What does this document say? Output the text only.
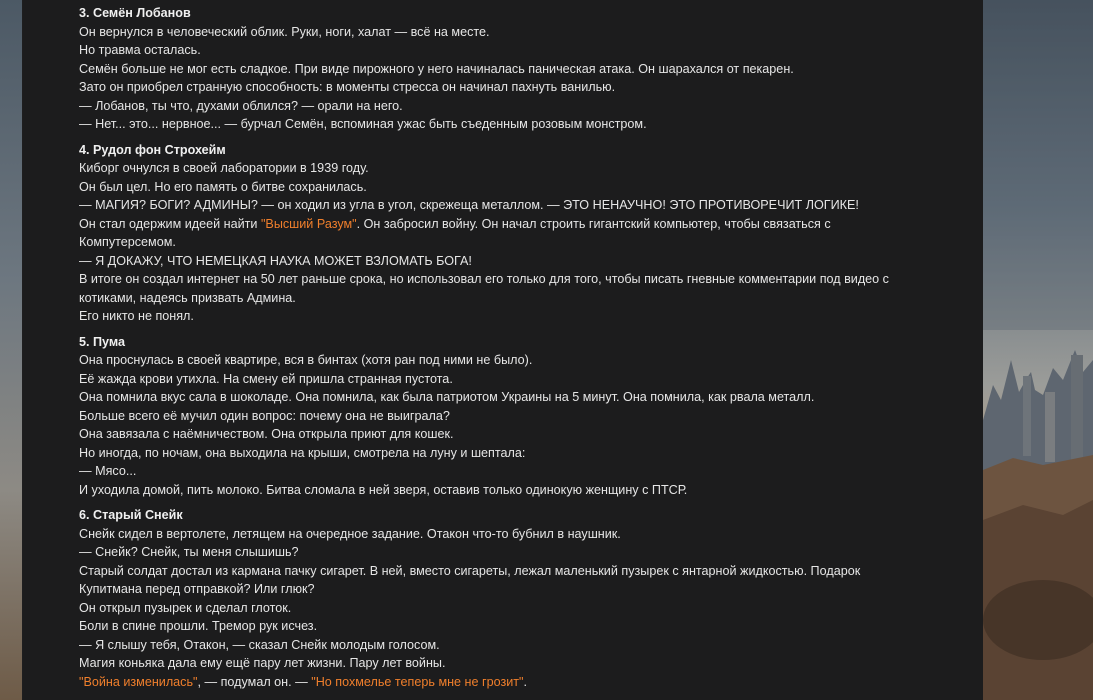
3. Семён Лобанов

Он вернулся в человеческий облик. Руки, ноги, халат — всё на месте.

Но травма осталась.

Семён больше не мог есть сладкое. При виде пирожного у него начиналась паническая атака. Он шарахался от пекарен.

Зато он приобрел странную способность: в моменты стресса он начинал пахнуть ванилью.

— Лобанов, ты что, духами облился? — орали на него.

— Нет... это... нервное... — бурчал Семён, вспоминая ужас быть съеденным розовым монстром.

4. Рудол фон Строхейм

Киборг очнулся в своей лаборатории в 1939 году.

Он был цел. Но его память о битве сохранилась.

— МАГИЯ? БОГИ? АДМИНЫ? — он ходил из угла в угол, скрежеща металлом. — ЭТО НЕНАУЧНО! ЭТО ПРОТИВОРЕЧИТ ЛОГИКЕ!

Он стал одержим идеей найти "Высший Разум". Он забросил войну. Он начал строить гигантский компьютер, чтобы связаться с

Компутерсемом.

— Я ДОКАЖУ, ЧТО НЕМЕЦКАЯ НАУКА МОЖЕТ ВЗЛОМАТЬ БОГА!

В итоге он создал интернет на 50 лет раньше срока, но использовал его только для того, чтобы писать гневные комментарии под видео с

котиками, надеясь призвать Админа.

Его никто не понял.

5. Пума

Она проснулась в своей квартире, вся в бинтах (хотя ран под ними не было).

Её жажда крови утихла. На смену ей пришла странная пустота.

Она помнила вкус сала в шоколаде. Она помнила, как была патриотом Украины на 5 минут. Она помнила, как рвала металл.

Больше всего её мучил один вопрос: почему она не выиграла?

Она завязала с наёмничеством. Она открыла приют для кошек.

Но иногда, по ночам, она выходила на крыши, смотрела на луну и шептала:

— Мясо...

И уходила домой, пить молоко. Битва сломала в ней зверя, оставив только одинокую женщину с ПТСР.

6. Старый Снейк

Снейк сидел в вертолете, летящем на очередное задание. Отакон что-то бубнил в наушник.

— Снейк? Снейк, ты меня слышишь?

Старый солдат достал из кармана пачку сигарет. В ней, вместо сигареты, лежал маленький пузырек с янтарной жидкостью. Подарок

Купитмана перед отправкой? Или глюк?

Он открыл пузырек и сделал глоток.

Боли в спине прошли. Тремор рук исчез.

— Я слышу тебя, Отакон, — сказал Снейк молодым голосом.

Магия коньяка дала ему ещё пару лет жизни. Пару лет войны.

"Война изменилась", — подумал он. — "Но похмелье теперь мне не грозит".
